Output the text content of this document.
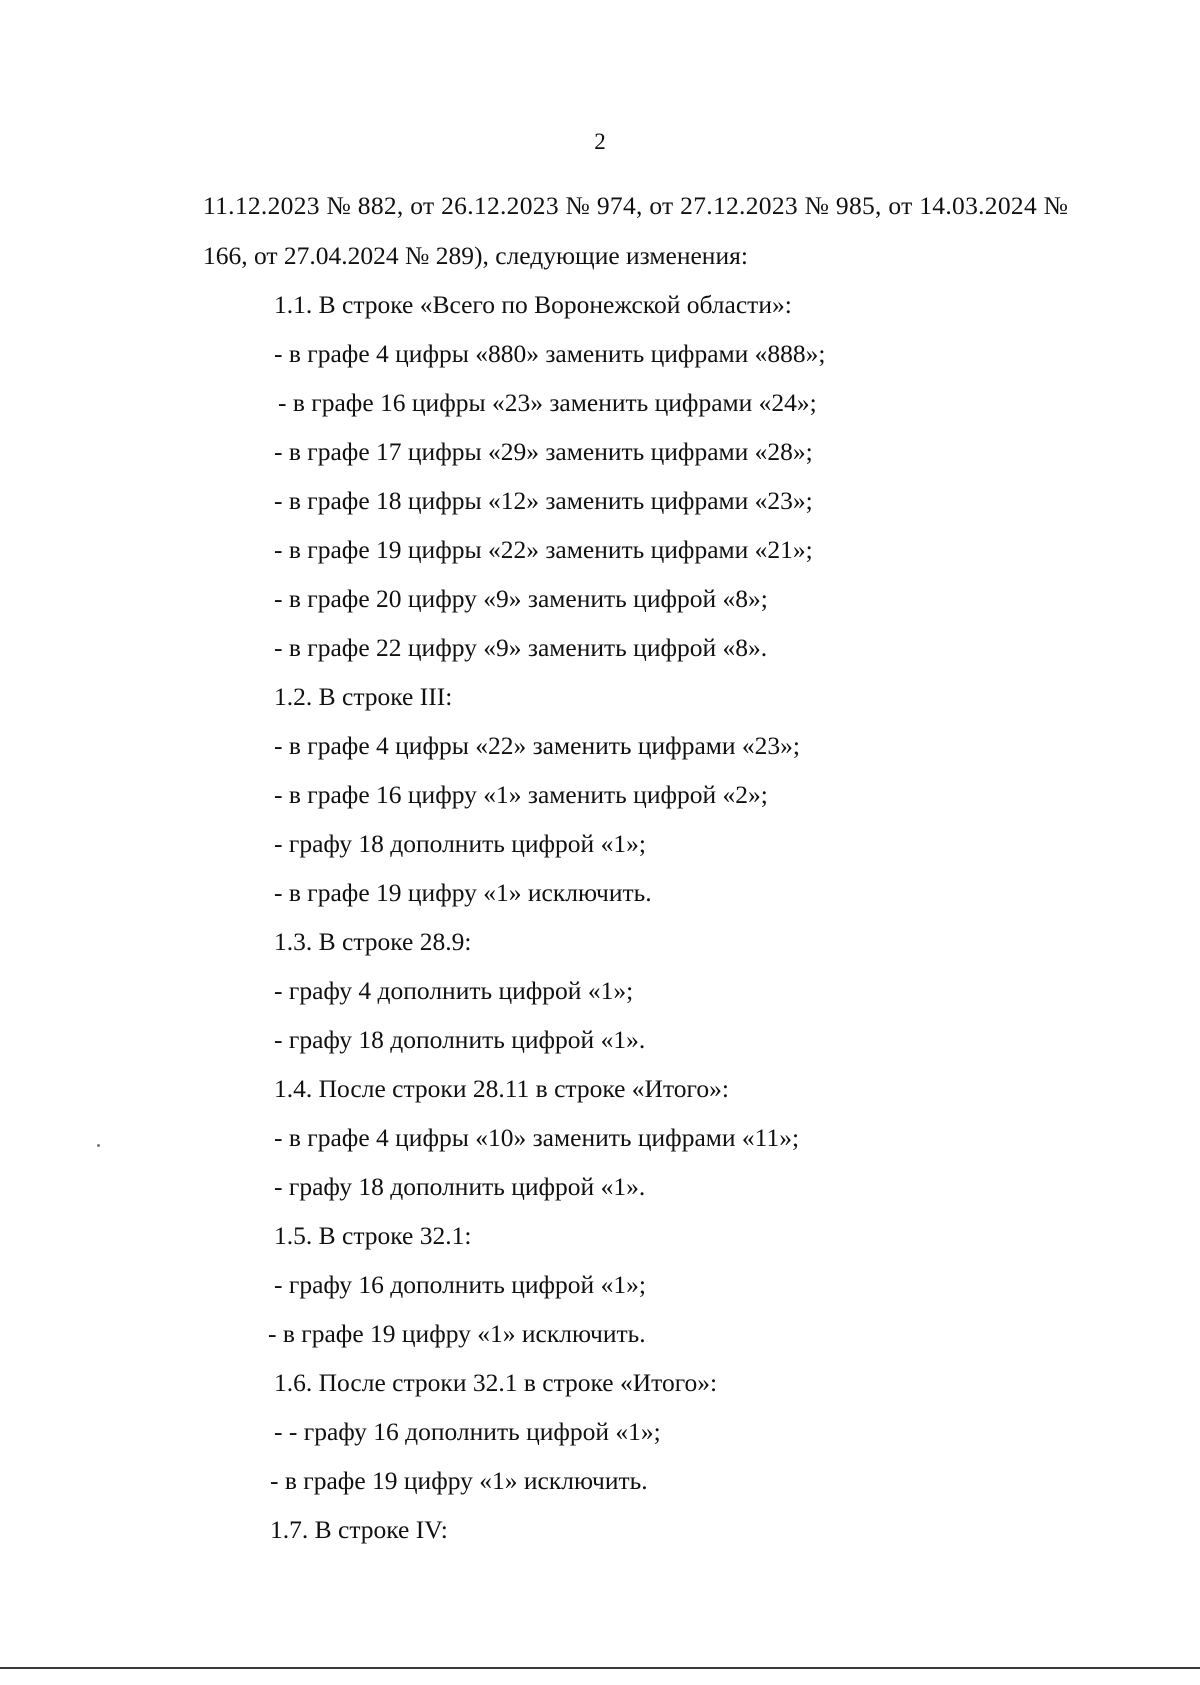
2
11.12.2023 № 882, от 26.12.2023 № 974, от 27.12.2023 № 985, от 14.03.2024 №
166, от 27.04.2024 № 289), следующие изменения:
1.1. В строке «Всего по Воронежской области»:
- в графе 4 цифры «880» заменить цифрами «888»;
- в графе 16 цифры «23» заменить цифрами «24»;
- в графе 17 цифры «29» заменить цифрами «28»;
- в графе 18 цифры «12» заменить цифрами «23»;
- в графе 19 цифры «22» заменить цифрами «21»;
- в графе 20 цифру «9» заменить цифрой «8»;
- в графе 22 цифру «9» заменить цифрой «8».
1.2. В строке III:
- в графе 4 цифры «22» заменить цифрами «23»;
- в графе 16 цифру «1» заменить цифрой «2»;
- графу 18 дополнить цифрой «1»;
- в графе 19 цифру «1» исключить.
1.3. В строке 28.9:
- графу 4 дополнить цифрой «1»;
- графу 18 дополнить цифрой «1».
1.4. После строки 28.11 в строке «Итого»:
- в графе 4 цифры «10» заменить цифрами «11»;
- графу 18 дополнить цифрой «1».
1.5. В строке 32.1:
- графу 16 дополнить цифрой «1»;
- в графе 19 цифру «1» исключить.
1.6. После строки 32.1 в строке «Итого»:
- - графу 16 дополнить цифрой «1»;
- в графе 19 цифру «1» исключить.
1.7. В строке IV:
